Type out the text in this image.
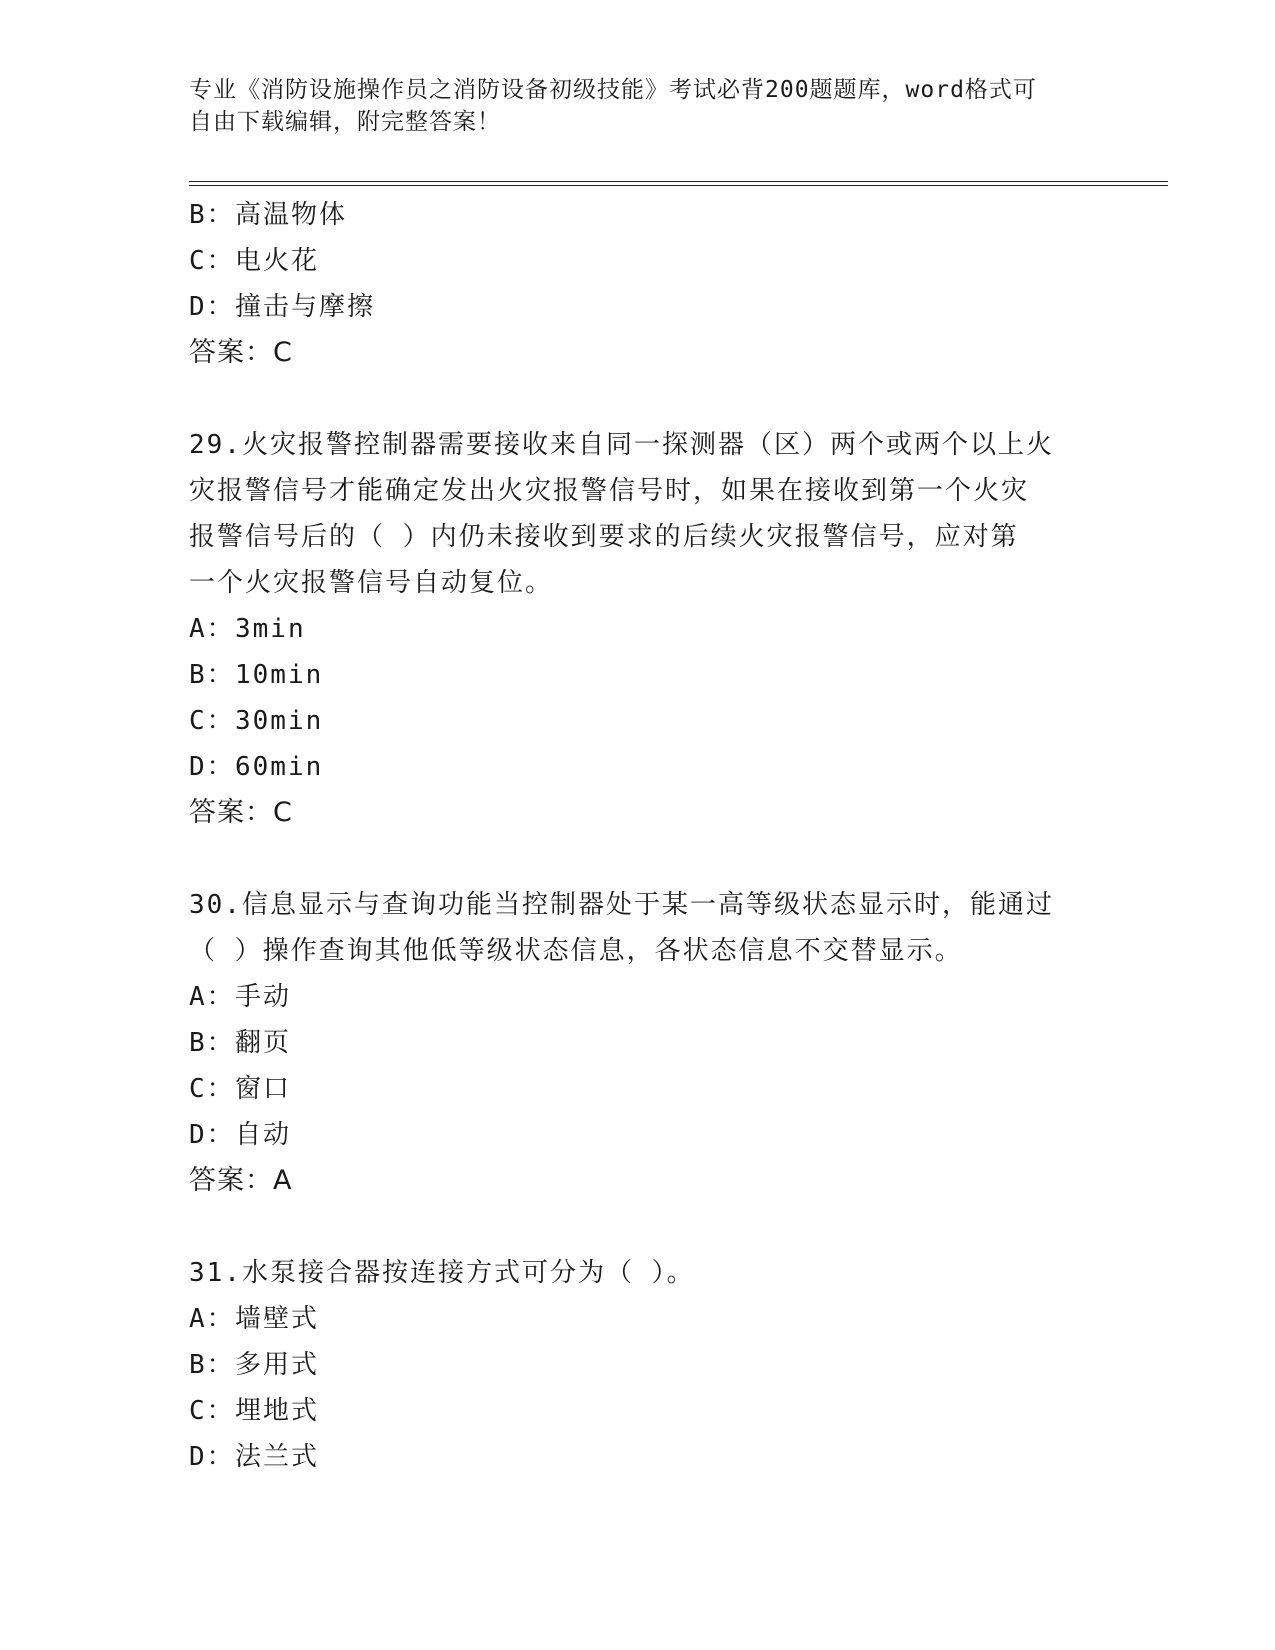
专业《消防设施操作员之消防设备初级技能》考试必背200题题库，word格式可
自由下载编辑，附完整答案！
B：高温物体
C：电火花
D：撞击与摩擦
答案：C
29.火灾报警控制器需要接收来自同一探测器（区）两个或两个以上火
灾报警信号才能确定发出火灾报警信号时，如果在接收到第一个火灾
报警信号后的（ ）内仍未接收到要求的后续火灾报警信号，应对第
一个火灾报警信号自动复位。
A：3min
B：10min
C：30min
D：60min
答案：C
30.信息显示与查询功能当控制器处于某一高等级状态显示时，能通过
（ ）操作查询其他低等级状态信息，各状态信息不交替显示。
A：手动
B：翻页
C：窗口
D：自动
答案：A
31.水泵接合器按连接方式可分为（ ）。
A：墙壁式
B：多用式
C：埋地式
D：法兰式
